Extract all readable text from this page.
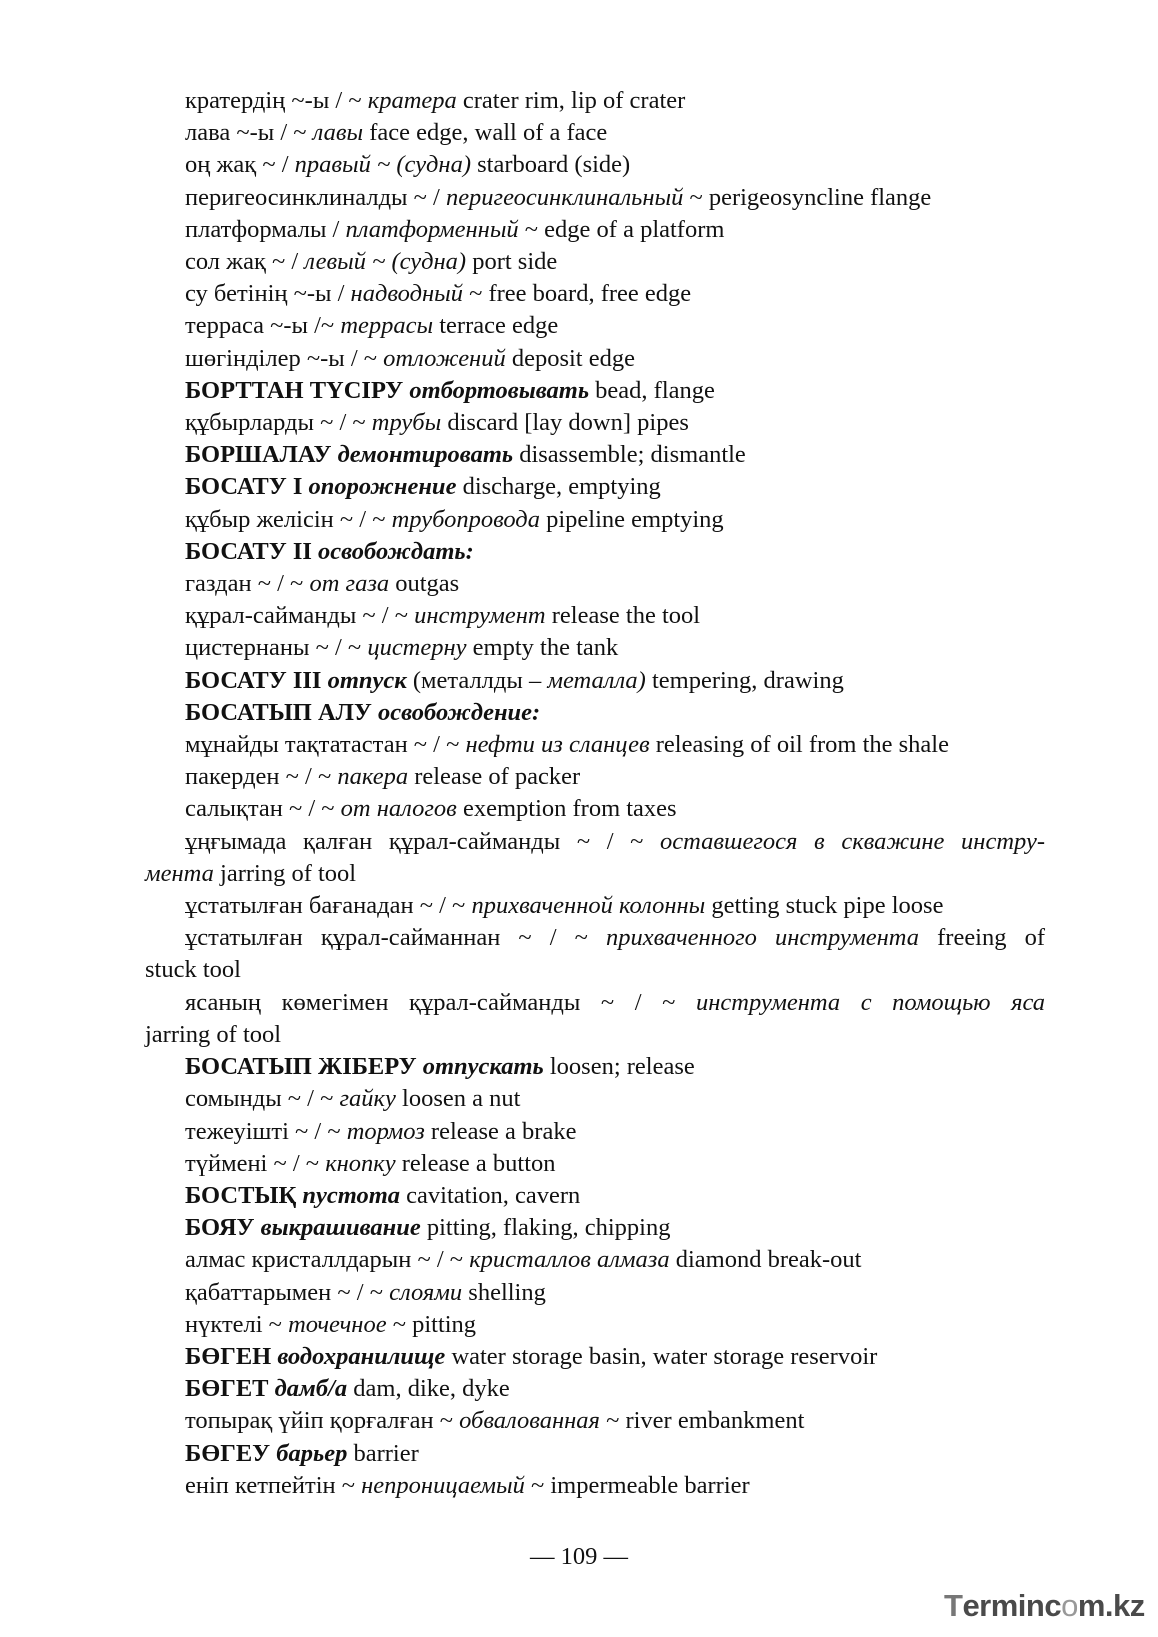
кратердің ~-ы / ~ кратера crater rim, lip of crater
лава ~-ы / ~ лавы face edge, wall of a face
оң жақ ~ / правый ~ (судна) starboard (side)
перигеосинклиналды ~ / перигеосинклинальный ~ perigeosyncline flange
платформалы / платформенный ~ edge of a platform
сол жақ ~ / левый ~ (судна) port side
су бетінің ~-ы / надводный ~ free board, free edge
терраса ~-ы /~ террасы terrace edge
шөгінділер ~-ы / ~ отложений deposit edge
БОРТТАН ТҮСІРУ отбортовывать bead, flange
құбырларды ~ / ~ трубы discard [lay down] pipes
БОРШАЛАУ демонтировать disassemble; dismantle
БОСАТУ I опорожнение discharge, emptying
құбыр желісін ~ / ~ трубопровода pipeline emptying
БОСАТУ II освобождать:
газдан ~ / ~ от газа outgas
құрал-сайманды ~ / ~ инструмент release the tool
цистернаны ~ / ~ цистерну empty the tank
БОСАТУ III отпуск (металлды – металла) tempering, drawing
БОСАТЫП АЛУ освобождение:
мұнайды тақтатастан ~ / ~ нефти из сланцев releasing of oil from the shale
пакерден ~ / ~ пакера release of packer
салықтан ~ / ~ от налогов exemption from taxes
ұңғымада қалған құрал-сайманды ~ / ~ оставшегося в скважине инстру-
мента jarring of tool
ұстатылған бағанадан ~ / ~ прихваченной колонны getting stuck pipe loose
ұстатылған құрал-сайманнан ~ / ~ прихваченного инструмента freeing of
stuck tool
ясаның көмегімен құрал-сайманды ~ / ~ инструмента с помощью яса
jarring of tool
БОСАТЫП ЖІБЕРУ отпускать loosen; release
сомынды ~ / ~ гайку loosen a nut
тежеуішті ~ / ~ тормоз release a brake
түймені ~ / ~ кнопку release a button
БОСТЫҚ пустота cavitation, cavern
БОЯУ выкрашивание pitting, flaking, chipping
алмас кристаллдарын ~ / ~ кристаллов алмаза diamond break-out
қабаттарымен ~ / ~ слоями shelling
нүктелі ~ точечное ~ pitting
БӨГЕН водохранилище water storage basin, water storage reservoir
БӨГЕТ дамб/а dam, dike, dyke
топырақ үйіп қорғалған ~ обвалованная ~ river embankment
БӨГЕУ барьер barrier
еніп кетпейтін ~ непроницаемый ~ impermeable barrier
— 109 —
T erminc o m.kz
